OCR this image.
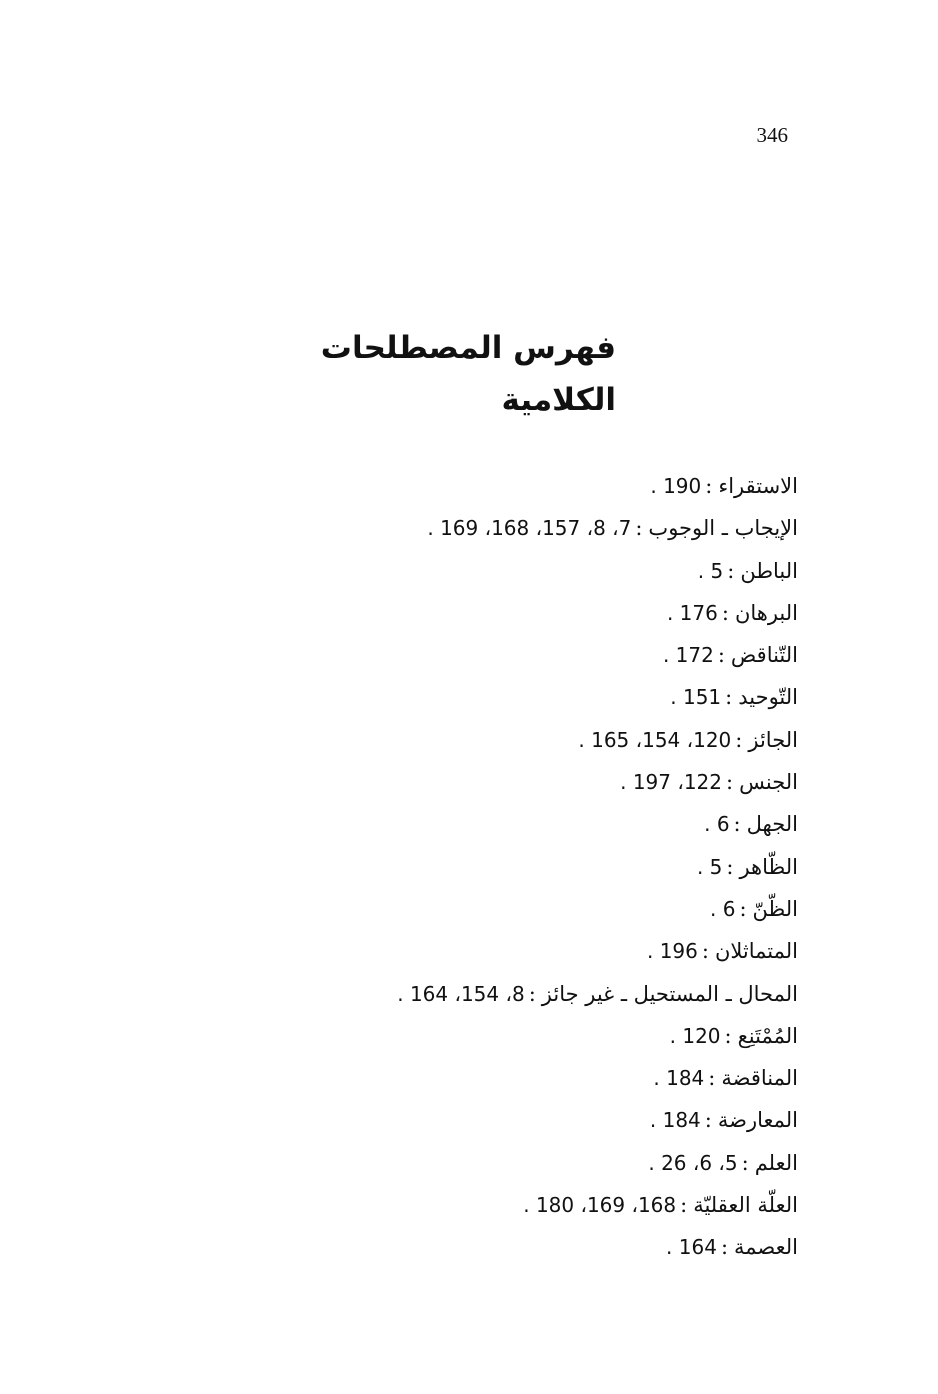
346
فهرس المصطلحات الكلامية
الاستقراء:190 .
الإيجاب ـ الوجوب:7، 8، 157، 168، 169 .
الباطن:5 .
البرهان:176 .
التّناقض:172 .
التّوحيد:151 .
الجائز:120، 154، 165 .
الجنس:122، 197 .
الجهل:6 .
الظّاهر:5 .
الظّنّ:6 .
المتماثلان:196 .
المحال ـ المستحيل ـ غير جائز:8، 154، 164 .
المُمْتَنِع:120 .
المناقضة:184 .
المعارضة:184 .
العلم:5، 6، 26 .
العلّة العقليّة:168، 169، 180 .
العصمة:164 .
